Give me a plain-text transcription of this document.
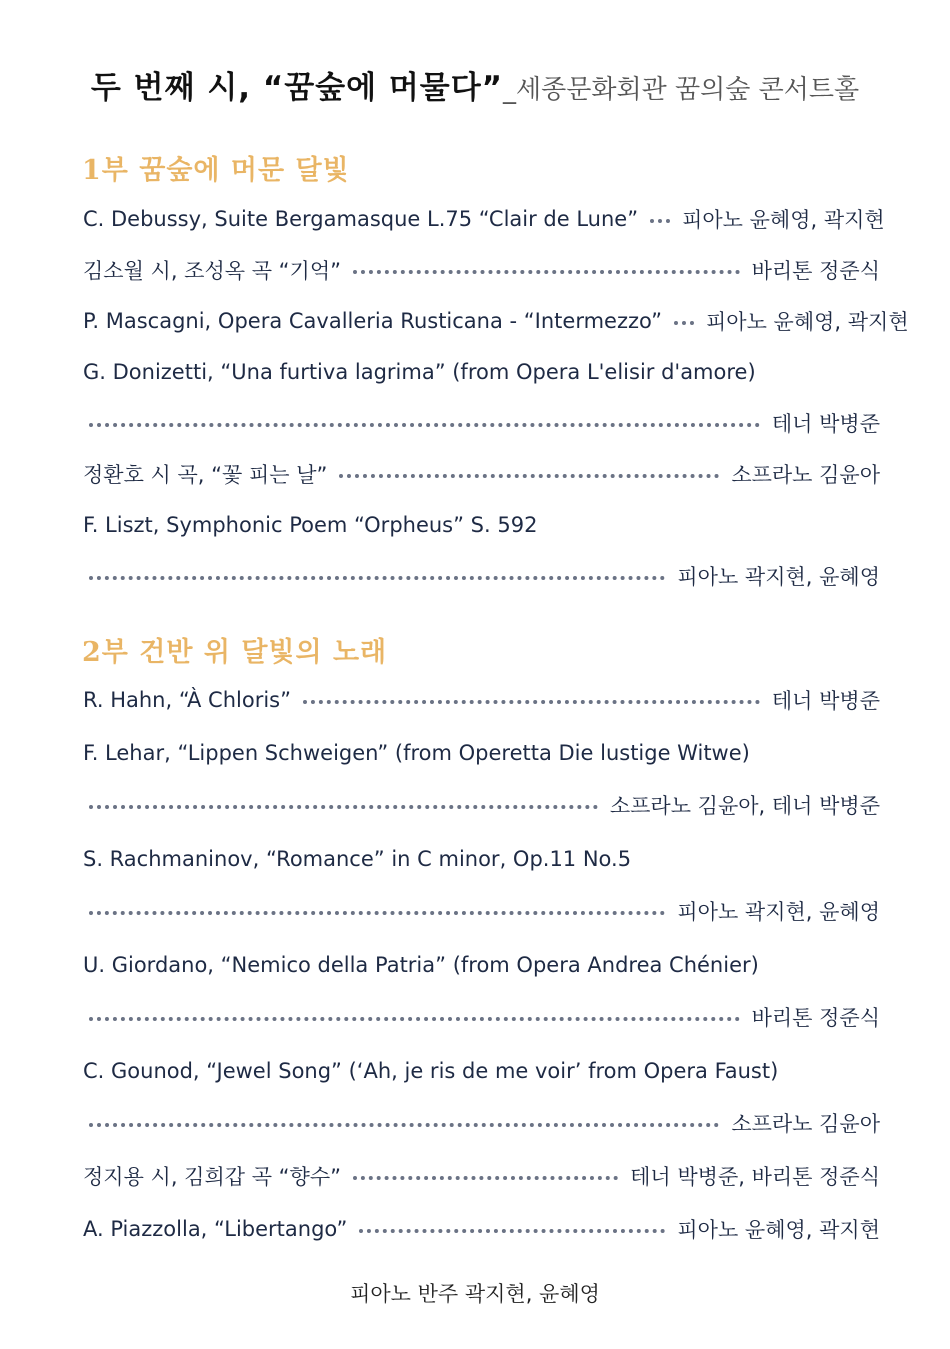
두 번째 시, “꿈숲에 머물다”_세종문화회관 꿈의숲 콘서트홀
1부 꿈숲에 머문 달빛
C. Debussy, Suite Bergamasque L.75 “Clair de Lune” 피아노 윤혜영, 곽지현
김소월 시, 조성옥 곡 “기억”	바리톤 정준식
P. Mascagni, Opera Cavalleria Rusticana - “Intermezzo” 피아노 윤혜영, 곽지현
G. Donizetti, “Una furtiva lagrima” (from Opera L'elisir d'amore)
테너 박병준
정환호 시 곡, “꽃 피는 날”	소프라노 김윤아
F. Liszt, Symphonic Poem “Orpheus” S. 592
피아노 곽지현, 윤혜영
2부 건반 위 달빛의 노래
R. Hahn, “À Chloris”	테너 박병준
F. Lehar, “Lippen Schweigen” (from Operetta Die lustige Witwe)
소프라노 김윤아, 테너 박병준
S. Rachmaninov, “Romance” in C minor, Op.11 No.5
피아노 곽지현, 윤혜영
U. Giordano, “Nemico della Patria” (from Opera Andrea Chénier)
바리톤 정준식
C. Gounod, “Jewel Song” (‘Ah, je ris de me voir’ from Opera Faust)
소프라노 김윤아
정지용 시, 김희갑 곡 “향수”	테너 박병준, 바리톤 정준식
A. Piazzolla, “Libertango”	피아노 윤혜영, 곽지현
피아노 반주 곽지현, 윤혜영
